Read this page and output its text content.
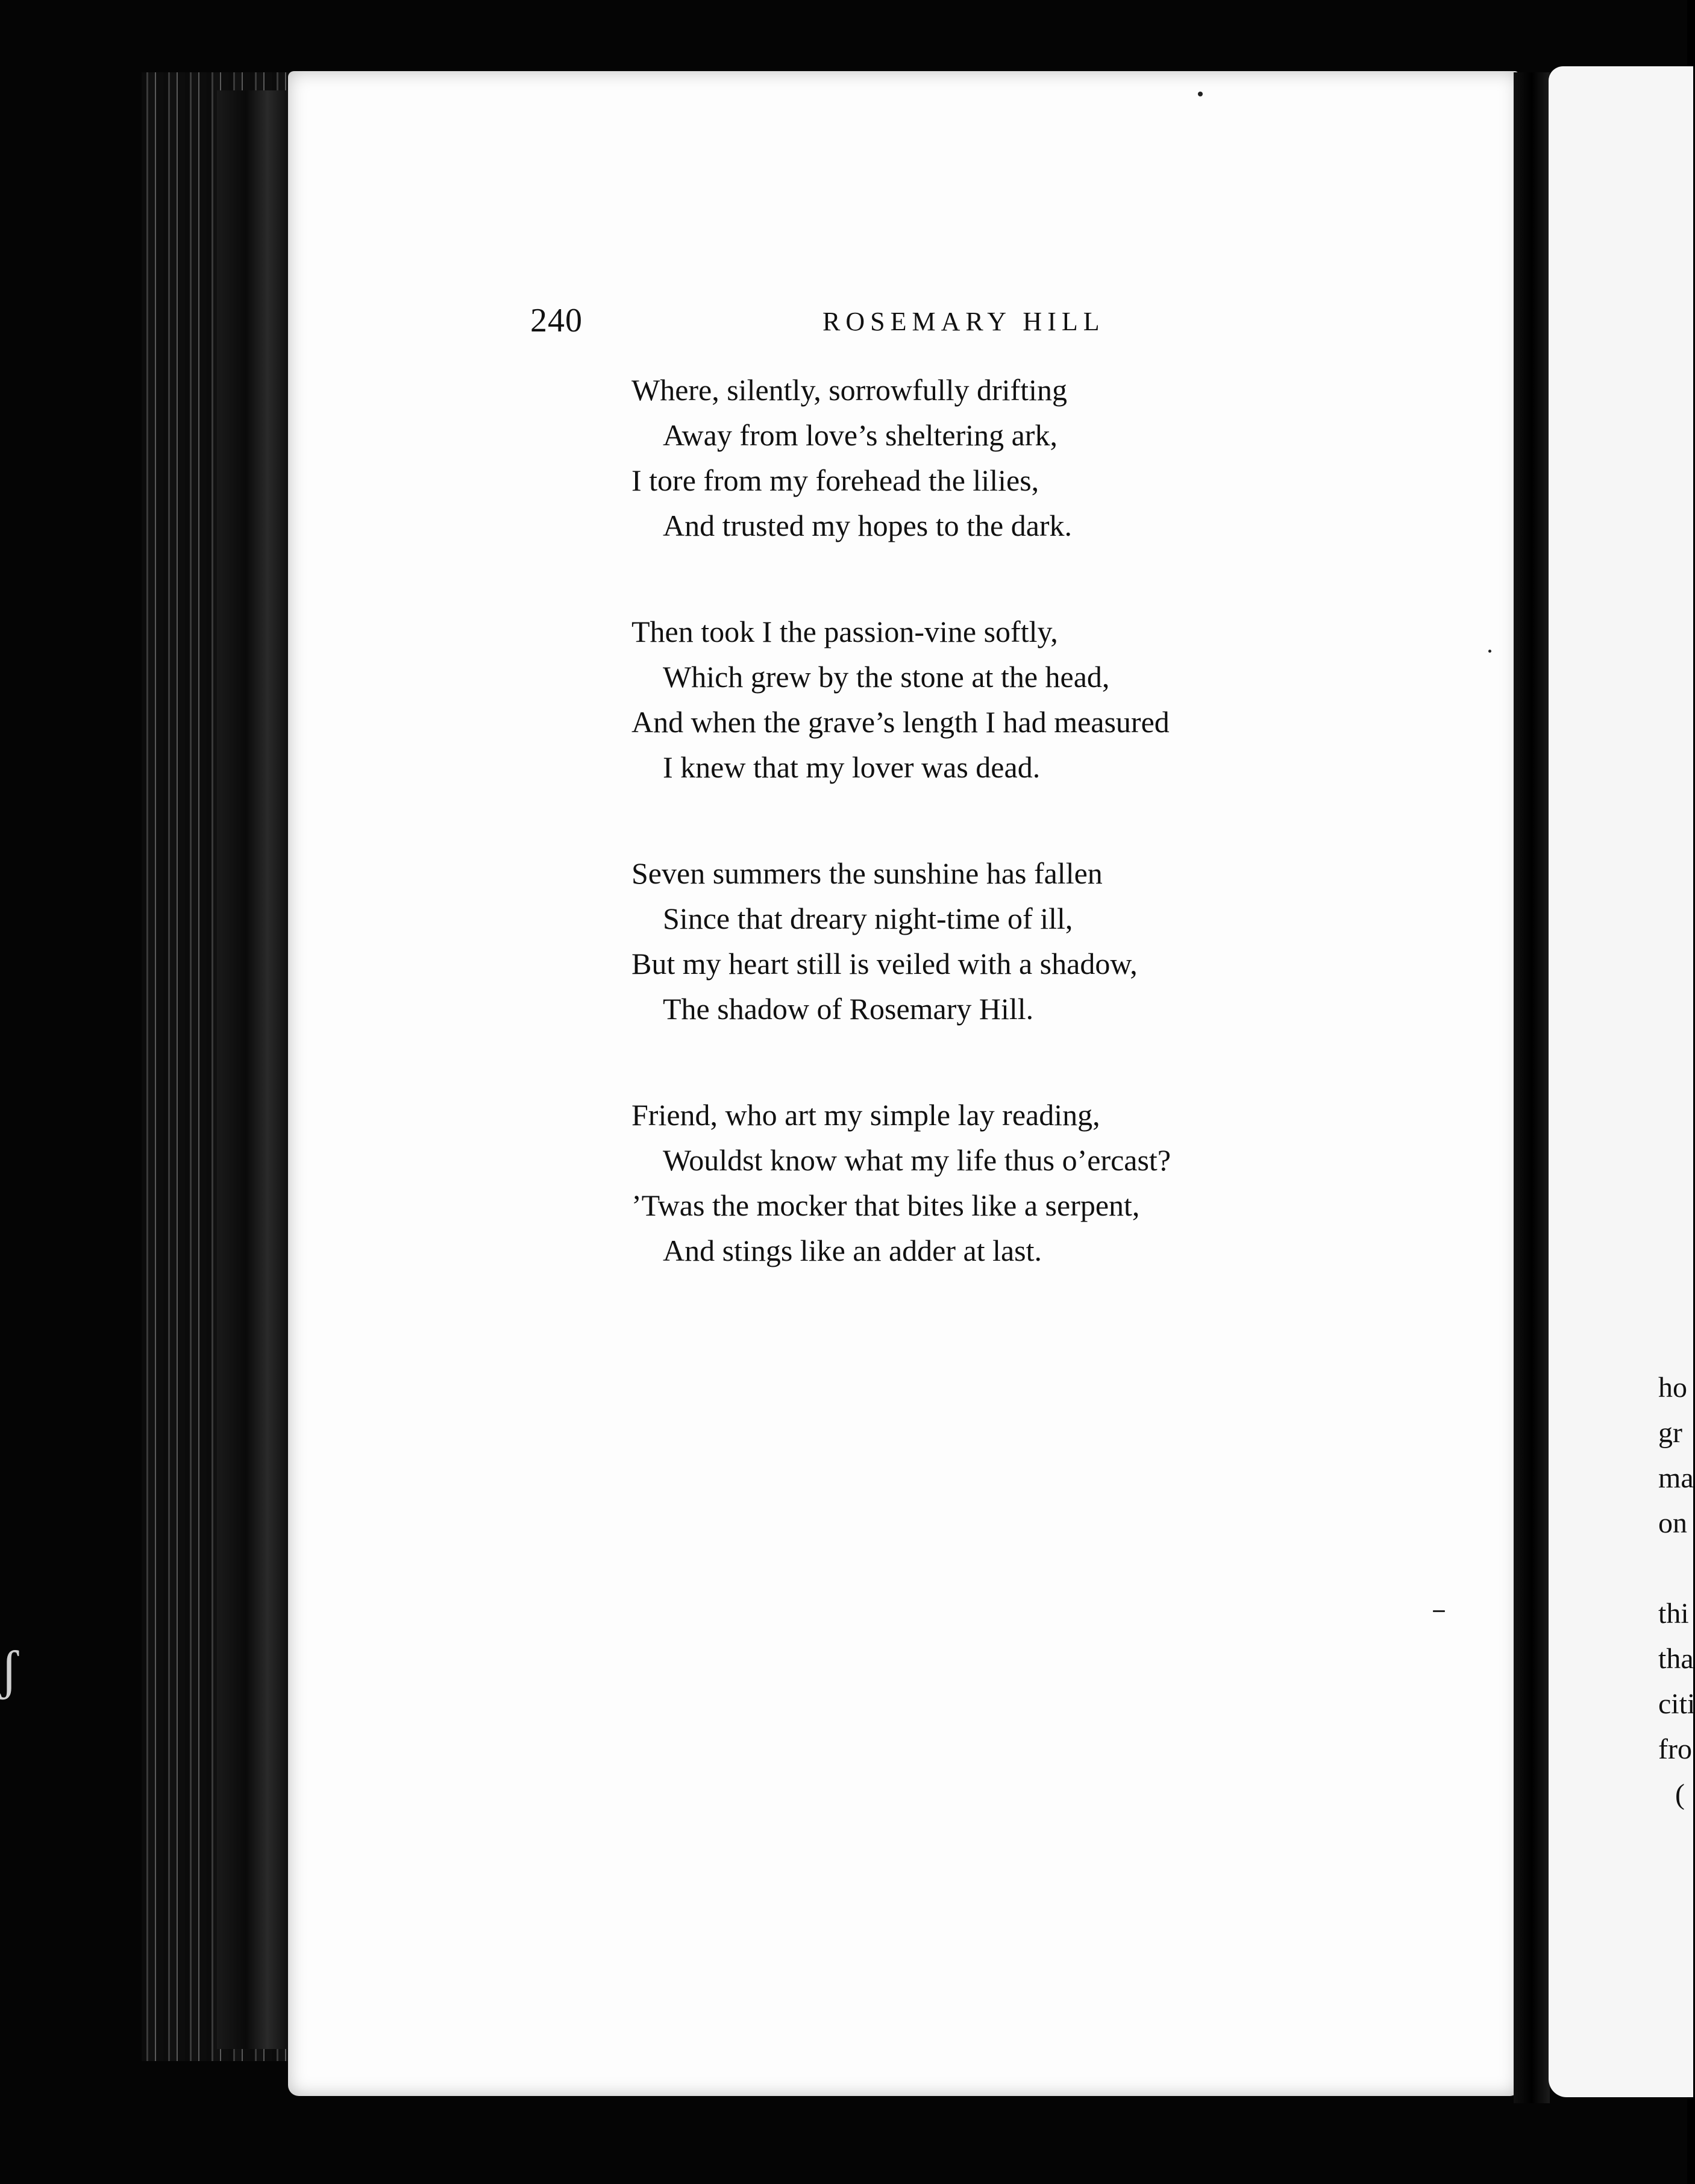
ʃ
ho
gr
ma
on
thi
tha
citi
fro
(
240	ROSEMARY HILL
Where, silently, sorrowfully drifting
Away from love’s sheltering ark,
I tore from my forehead the lilies,
And trusted my hopes to the dark.
Then took I the passion-vine softly,
Which grew by the stone at the head,
And when the grave’s length I had measured
I knew that my lover was dead.
Seven summers the sunshine has fallen
Since that dreary night-time of ill,
But my heart still is veiled with a shadow,
The shadow of Rosemary Hill.
Friend, who art my simple lay reading,
Wouldst know what my life thus o’ercast?
’Twas the mocker that bites like a serpent,
And stings like an adder at last.
